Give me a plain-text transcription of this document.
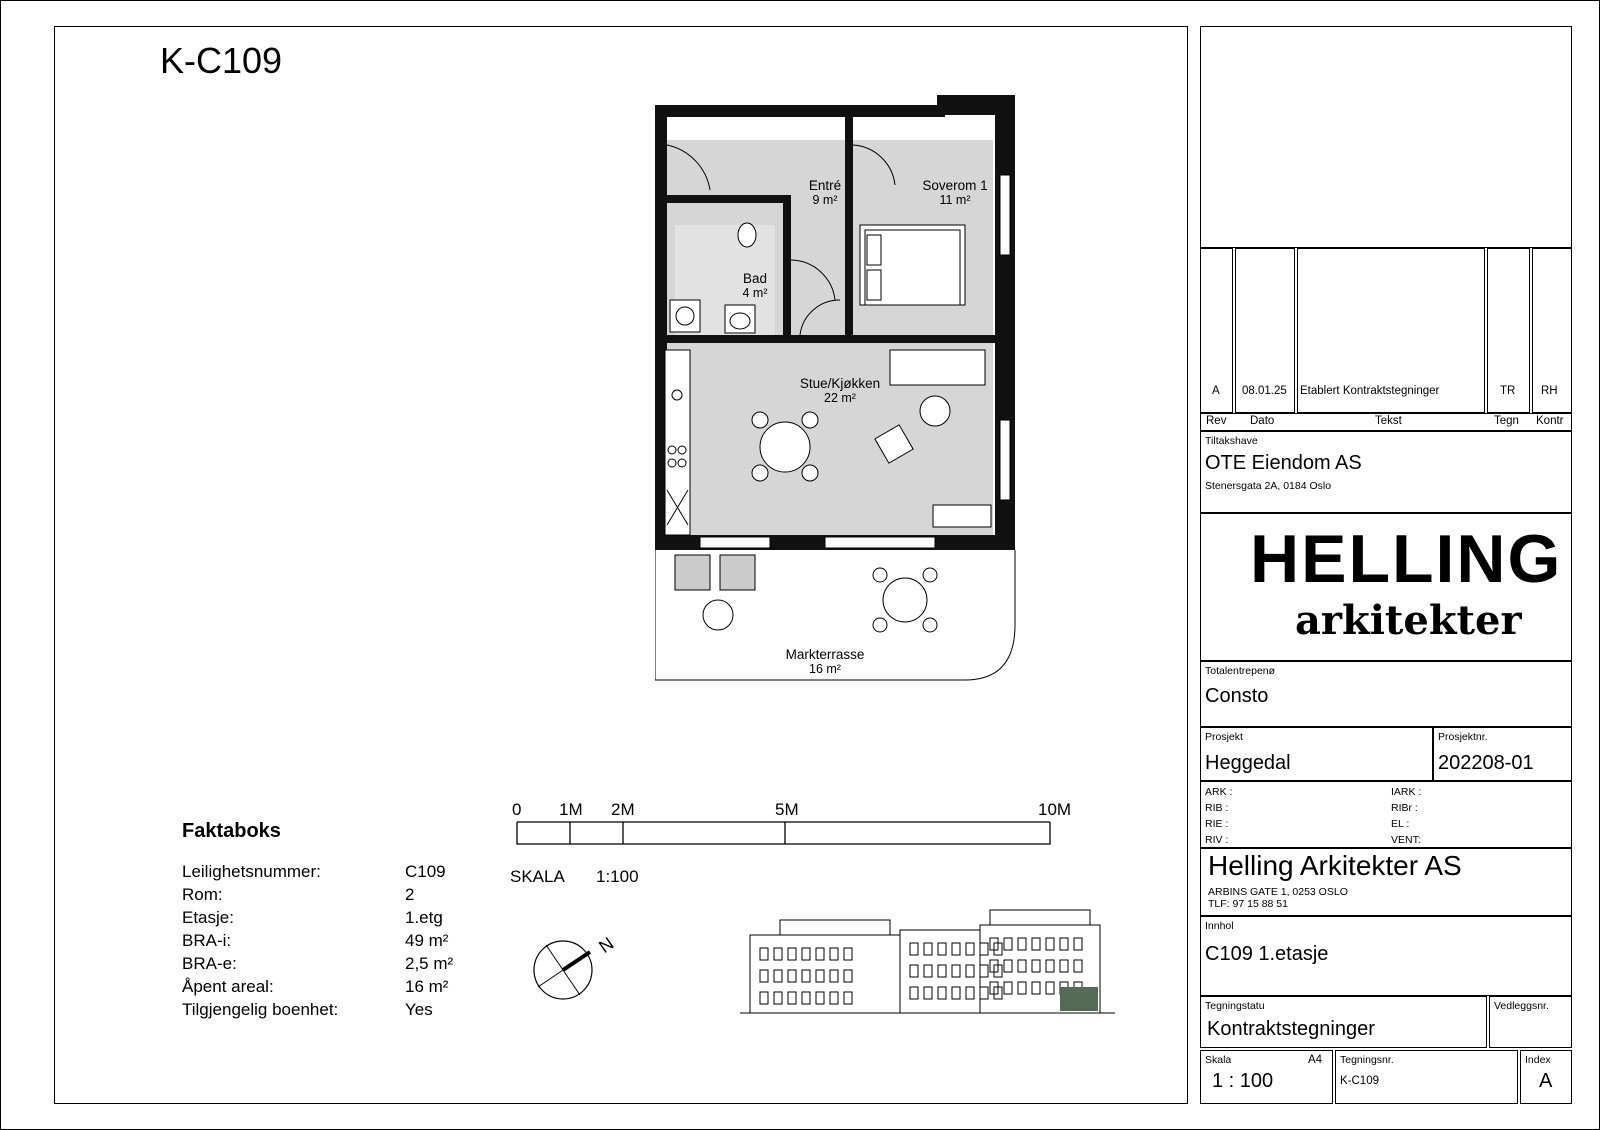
K-C109
Entré
9 m²
Soverom 1
11 m²
Bad
4 m²
Stue/Kjøkken
22 m²
Markterrasse
16 m²
Faktaboks
Leilighetsnummer:	C109
Rom:	2
Etasje:	1.etg
BRA-i:	49 m²
BRA-e:	2,5 m²
Åpent areal:	16 m²
Tilgjengelig boenhet:	Yes
0 1M 2M	5M	10M
SKALA 1:100
N
A 08.01.25 Etablert Kontraktstegninger	TR RH
Rev Dato	Tekst	Tegn Kontr
Tiltakshave
OTE Eiendom AS
Stenersgata 2A, 0184 Oslo
HELLING
arkitekter
Totalentrepenø
Consto
Prosjekt
Heggedal
Prosjektnr.
202208-01
ARK :
RIB :
RIE :
RIV :
IARK :
RIBr :
EL :
VENT:
Helling Arkitekter AS
ARBINS GATE 1, 0253 OSLO
TLF: 97 15 88 51
Innhol
C109 1.etasje
Tegningstatu
Kontraktstegninger
Vedleggsnr.
Skala	A4
1 : 100
Tegningsnr.
K-C109
Index
A
